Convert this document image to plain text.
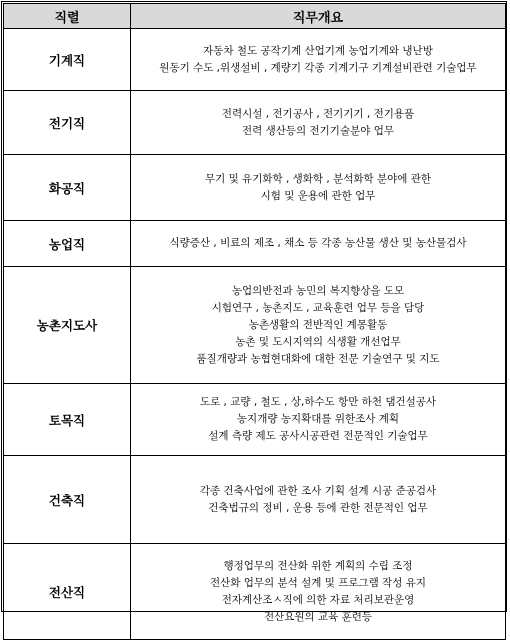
직렬	직무개요
기계직	자동차 철도 공작기계 산업기계 농업기계와 냉난방
원동기 수도 ,위생설비 , 계량기 각종 기계기구 기계설비관련 기술업무

전기직	전력시설 , 전기공사 , 전기기기 , 전기용품
전력 생산등의 전기기술분야 업무

화공직	무기 및 유기화학 , 생화학 , 분석화학 분야에 관한
시험 및 운용에 관한 업무

농업직	식량증산 , 비료의 제조 , 채소 등 각종 농산물 생산 및 농산물검사

농촌지도사	농업의반전과 농민의 복지향상을 도모
시험연구 , 농촌지도 , 교육훈련 업무 등을 담당
농촌생활의 전반적인 계몽활동
농촌 및 도시지역의 식생활 개선업무
품질개량과 농협현대화에 대한 전문 기술연구 및 지도

토목직	도로 , 교량 , 철도 , 상,하수도 항만 하천 댐건설공사
농지개량 농지확대를 위한조사 계획
설계 측량 제도 공사시공관련 전문적인 기술업무

건축직	각종 건축사업에 관한 조사 기획 설계 시공 준공검사
건축법규의 정비 , 운용 등에 관한 전문적인 업무

전산직	행정업무의 전산화 위한 계획의 수립 조정
전산화 업무의 분석 설계 및 프로그램 작성 유지
전자계산조ㅅ직에 의한 자료 처리보관운영
전산요원의 교육 훈련등
